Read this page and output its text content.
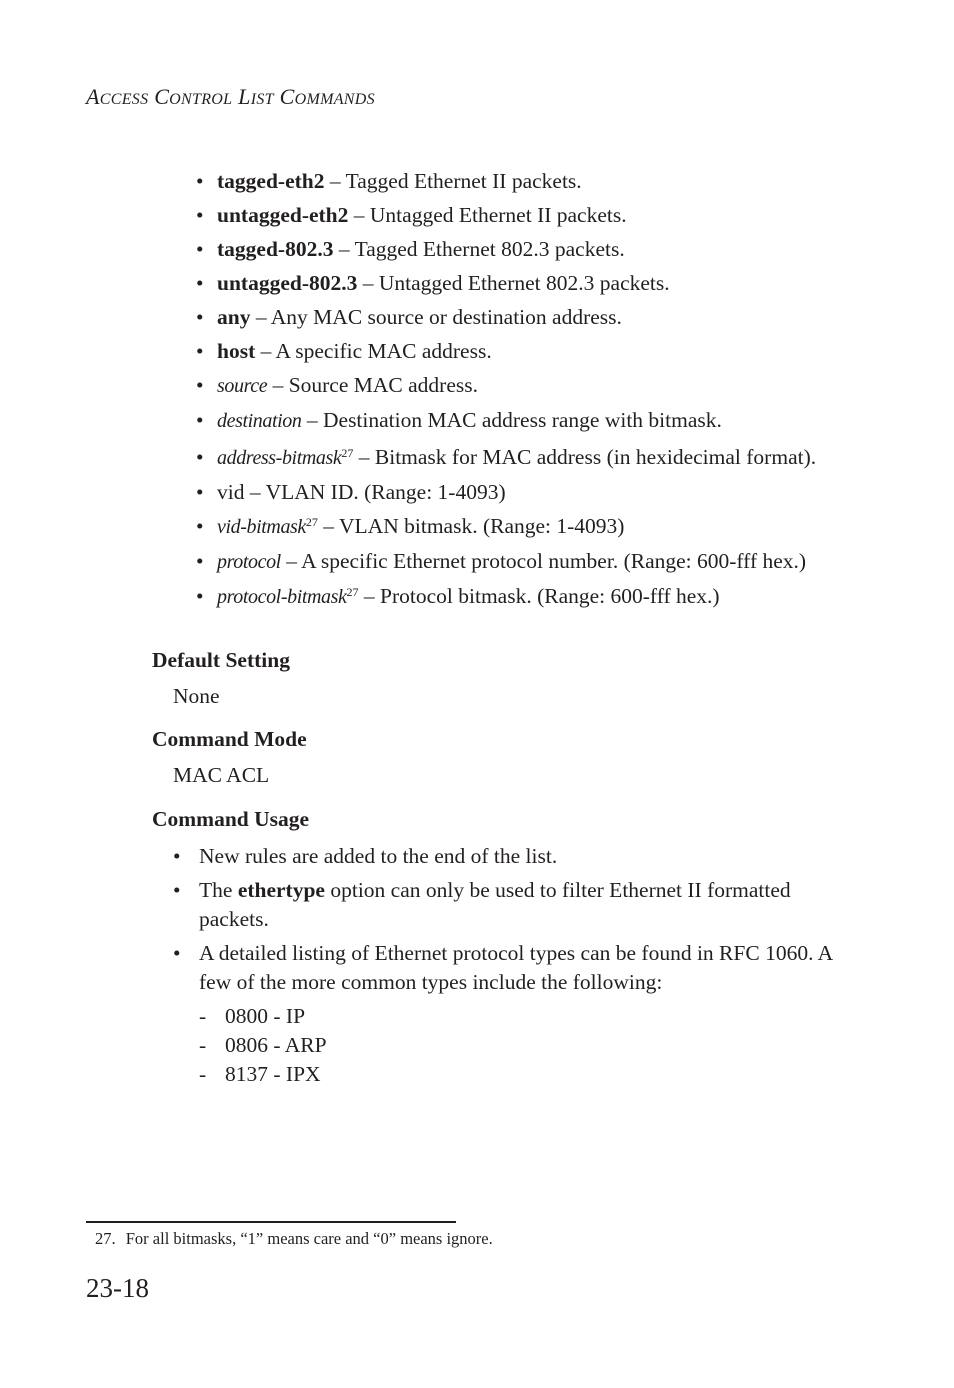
ACCESS CONTROL LIST COMMANDS
• tagged-eth2 – Tagged Ethernet II packets.
• untagged-eth2 – Untagged Ethernet II packets.
• tagged-802.3 – Tagged Ethernet 802.3 packets.
• untagged-802.3 – Untagged Ethernet 802.3 packets.
• any – Any MAC source or destination address.
• host – A specific MAC address.
• source – Source MAC address.
• destination – Destination MAC address range with bitmask.
• address-bitmask$^{27}$ – Bitmask for MAC address (in hexidecimal format).
• vid – VLAN ID. (Range: 1-4093)
• vid-bitmask$^{27}$ – VLAN bitmask. (Range: 1-4093)
• protocol – A specific Ethernet protocol number. (Range: 600-fff hex.)
• protocol-bitmask$^{27}$ – Protocol bitmask. (Range: 600-fff hex.)
Default Setting
None
Command Mode
MAC ACL
Command Usage
• New rules are added to the end of the list.
• The ethertype option can only be used to filter Ethernet II formatted packets.
• A detailed listing of Ethernet protocol types can be found in RFC 1060. A few of the more common types include the following:
- 0800 - IP
- 0806 - ARP
- 8137 - IPX
27. For all bitmasks, “1” means care and “0” means ignore.
23-18
